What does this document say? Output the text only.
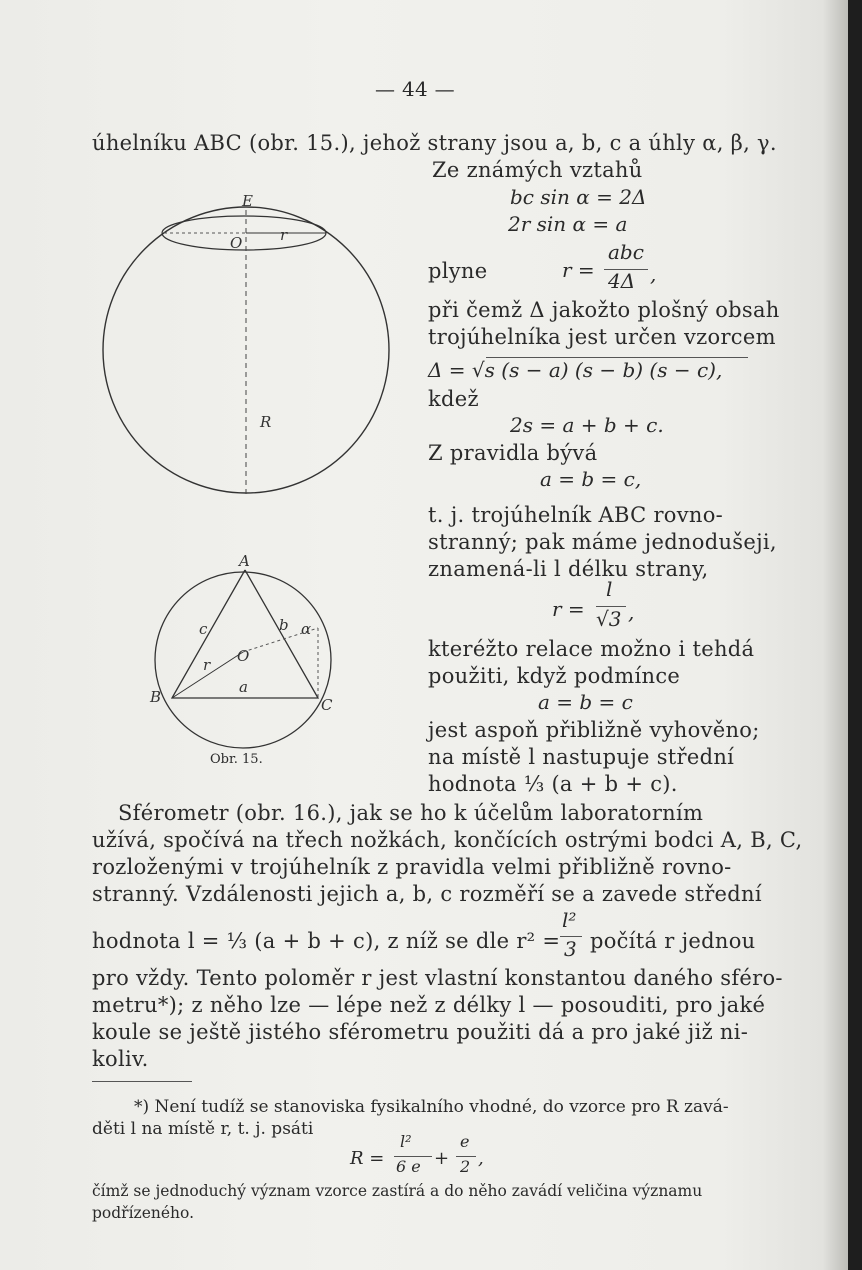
— 44 —
úhelníku ABC (obr. 15.), jehož strany jsou a, b, c a úhly α, β, γ.
Ze známých vztahů
bc sin α = 2Δ
2r sin α = a
plyne	r =
abc
4Δ ,
při čemž Δ jakožto plošný obsah
trojúhelníka jest určen vzorcem
Δ = √s (s − a) (s − b) (s − c),
kdež
2s = a + b + c.
Z pravidla bývá
a = b = c,
t. j. trojúhelník ABC rovno-
stranný; pak máme jednodušeji,
znamená-li l délku strany,
r =
l
√3 ,
kteréžto relace možno i tehdá
použiti, když podmínce
a = b = c
jest aspoň přibližně vyhověno;
na místě l nastupuje střední
hodnota ⅓ (a + b + c).
E
O	r
R
A
B	C
a
b
c
O
r
α
Obr. 15.
Sférometr (obr. 16.), jak se ho k účelům laboratorním
užívá, spočívá na třech nožkách, končících ostrými bodci A, B, C,
rozloženými v trojúhelník z pravidla velmi přibližně rovno-
stranný. Vzdálenosti jejich a, b, c rozměří se a zavede střední
hodnota l = ⅓ (a + b + c), z níž se dle r² =
l²
3 počítá r jednou
pro vždy. Tento poloměr r jest vlastní konstantou daného sféro-
metru*); z něho lze — lépe než z délky l — posouditi, pro jaké
koule se ještě jistého sférometru použiti dá a pro jaké již ni-
koliv.
*) Není tudíž se stanoviska fysikalního vhodné, do vzorce pro R zavá-
děti l na místě r, t. j. psáti
R =
l²
6 e +
e
2 ,
čímž se jednoduchý význam vzorce zastírá a do něho zavádí veličina významu
podřízeného.
